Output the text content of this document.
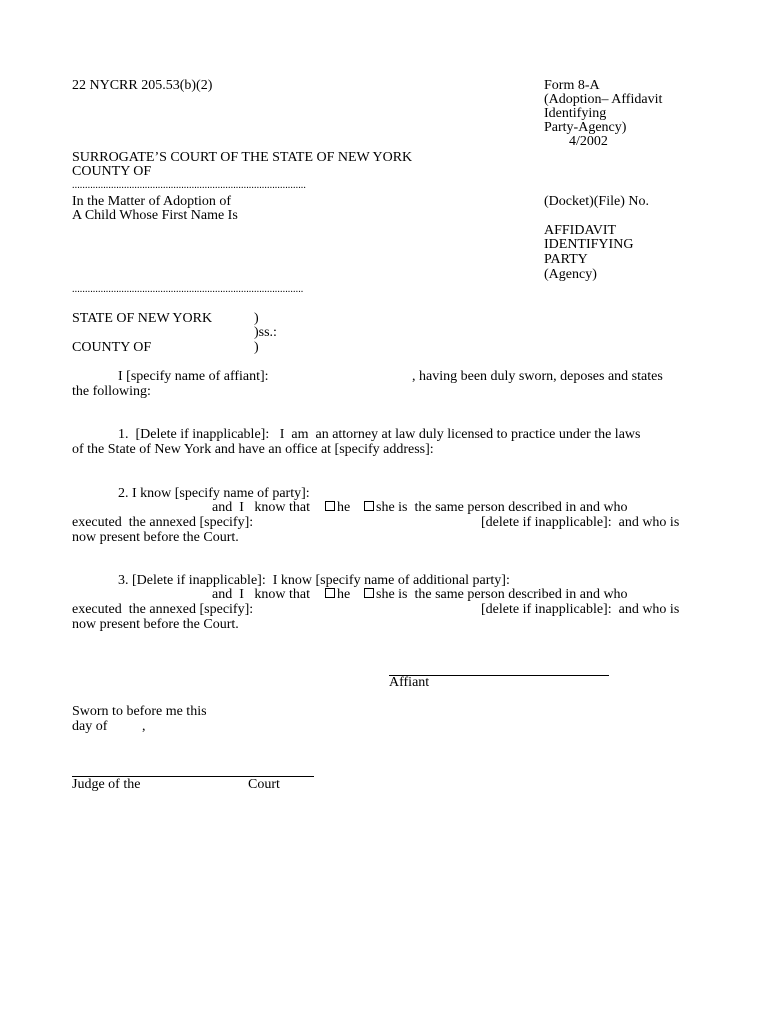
22 NYCRR 205.53(b)(2)	Form 8-A
(Adoption– Affidavit
Identifying
Party-Agency)
4/2002
SURROGATE’S COURT OF THE STATE OF NEW YORK
COUNTY OF
..........................................................................................
In the Matter of Adoption of
A Child Whose First Name Is
(Docket)(File) No.
AFFIDAVIT
IDENTIFYING
PARTY
(Agency)
.........................................................................................
STATE OF NEW YORK	)
)ss.:
COUNTY OF	)
I [specify name of affiant]:	, having been duly sworn, deposes and states
the following:
1.  [Delete if inapplicable]:   I  am  an attorney at law duly licensed to practice under the laws
of the State of New York and have an office at [specify address]:
2. I know [specify name of party]:
and  I   know that	he	she is  the same person described in and who
executed  the annexed [specify]:	[delete if inapplicable]:  and who is
now present before the Court.
3. [Delete if inapplicable]:  I know [specify name of additional party]:
and  I   know that	he	she is  the same person described in and who
executed  the annexed [specify]:	[delete if inapplicable]:  and who is
now present before the Court.
Affiant
Sworn to before me this
day of ,
Judge of the	Court
